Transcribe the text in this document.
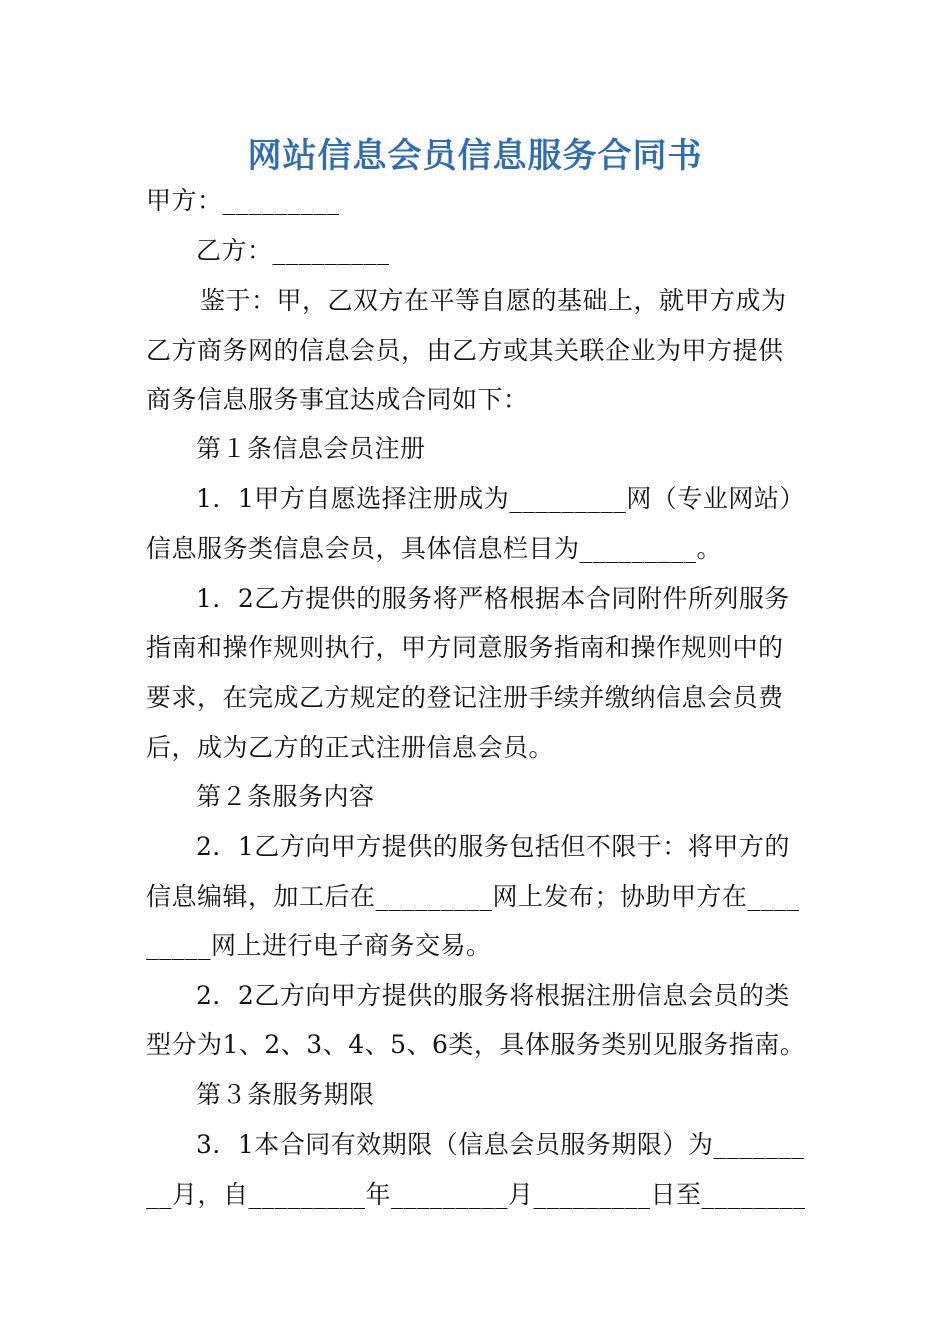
网站信息会员信息服务合同书
甲方：_________
乙方：_________
鉴于：甲，乙双方在平等自愿的基础上，就甲方成为
乙方商务网的信息会员，由乙方或其关联企业为甲方提供
商务信息服务事宜达成合同如下：
第１条信息会员注册
1．1甲方自愿选择注册成为_________网（专业网站）
信息服务类信息会员，具体信息栏目为_________。
1．2乙方提供的服务将严格根据本合同附件所列服务
指南和操作规则执行，甲方同意服务指南和操作规则中的
要求，在完成乙方规定的登记注册手续并缴纳信息会员费
后，成为乙方的正式注册信息会员。
第２条服务内容
2．1乙方向甲方提供的服务包括但不限于：将甲方的
信息编辑，加工后在_________网上发布；协助甲方在____
_____网上进行电子商务交易。
2．2乙方向甲方提供的服务将根据注册信息会员的类
型分为1、2、3、4、5、6类，具体服务类别见服务指南。
第３条服务期限
3．1本合同有效期限（信息会员服务期限）为_______
__月，自_________年_________月_________日至________
